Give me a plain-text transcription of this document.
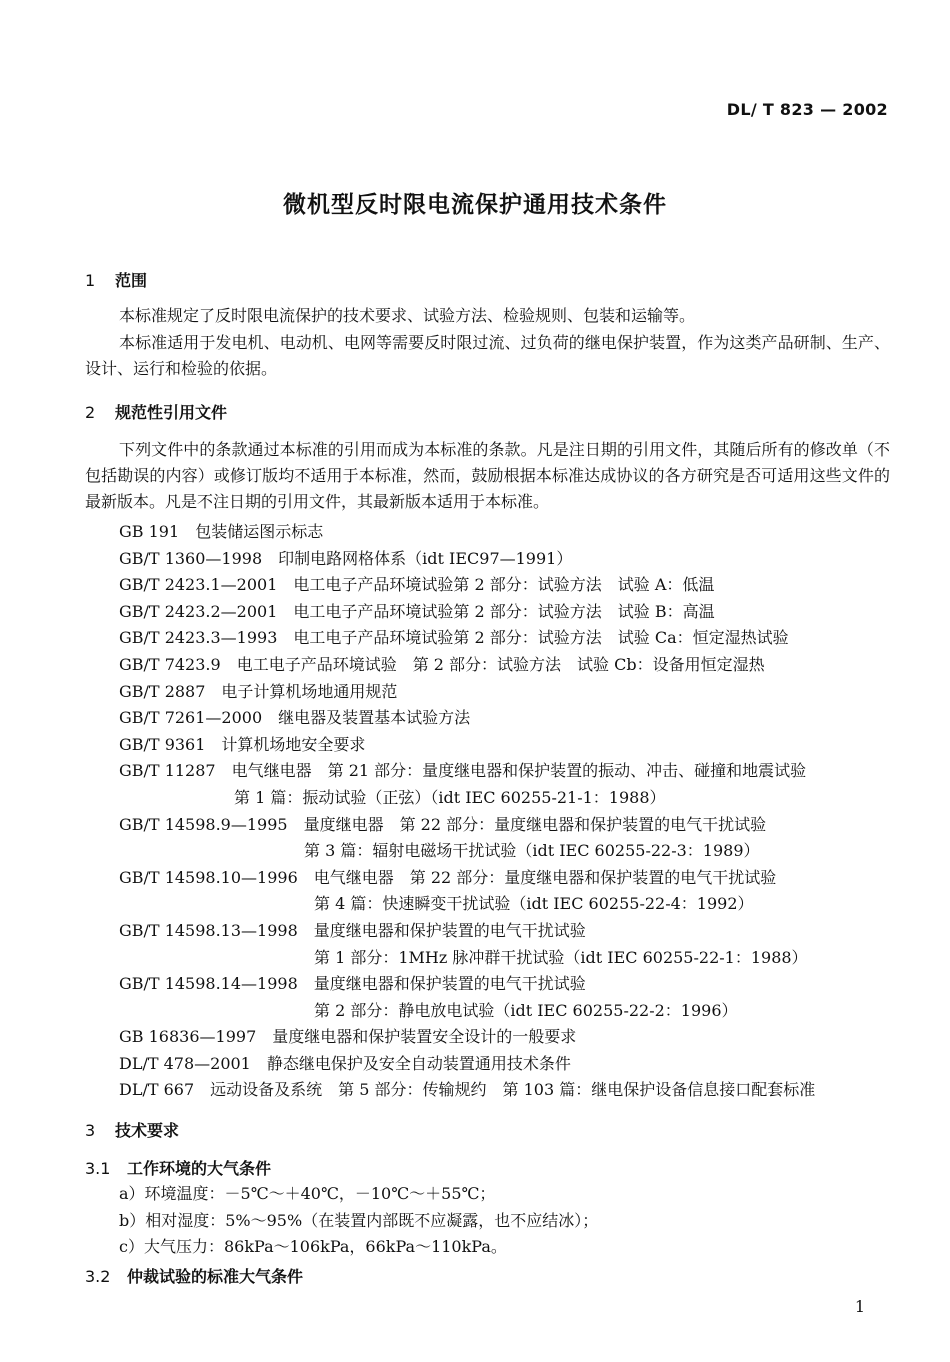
DL/ T 823 — 2002
微机型反时限电流保护通用技术条件
1 范围

本标准规定了反时限电流保护的技术要求、试验方法、检验规则、包装和运输等。

本标准适用于发电机、电动机、电网等需要反时限过流、过负荷的继电保护装置，作为这类产品研制、生产、设计、运行和检验的依据。

2 规范性引用文件

下列文件中的条款通过本标准的引用而成为本标准的条款。凡是注日期的引用文件，其随后所有的修改单（不包括勘误的内容）或修订版均不适用于本标准，然而，鼓励根据本标准达成协议的各方研究是否可适用这些文件的最新版本。凡是不注日期的引用文件，其最新版本适用于本标准。

GB 191　 包装储运图示标志
GB/T 1360—1998　 印制电路网格体系（idt IEC97—1991）
GB/T 2423.1—2001　 电工电子产品环境试验第 2 部分：试验方法　试验 A：低温
GB/T 2423.2—2001　 电工电子产品环境试验第 2 部分：试验方法　试验 B：高温
GB/T 2423.3—1993　 电工电子产品环境试验第 2 部分：试验方法　试验 Ca：恒定湿热试验
GB/T 7423.9　 电工电子产品环境试验　第 2 部分：试验方法　试验 Cb：设备用恒定湿热
GB/T 2887　 电子计算机场地通用规范
GB/T 7261—2000　 继电器及装置基本试验方法
GB/T 9361　 计算机场地安全要求
GB/T 11287　 电气继电器　第 21 部分：量度继电器和保护装置的振动、冲击、碰撞和地震试验
第 1 篇：振动试验（正弦）（idt IEC 60255-21-1：1988）
GB/T 14598.9—1995　 量度继电器　第 22 部分：量度继电器和保护装置的电气干扰试验
第 3 篇：辐射电磁场干扰试验（idt IEC 60255-22-3：1989）
GB/T 14598.10—1996　 电气继电器　第 22 部分：量度继电器和保护装置的电气干扰试验
第 4 篇：快速瞬变干扰试验（idt IEC 60255-22-4：1992）
GB/T 14598.13—1998　 量度继电器和保护装置的电气干扰试验
第 1 部分：1MHz 脉冲群干扰试验（idt IEC 60255-22-1：1988）
GB/T 14598.14—1998　 量度继电器和保护装置的电气干扰试验
第 2 部分：静电放电试验（idt IEC 60255-22-2：1996）
GB 16836—1997　 量度继电器和保护装置安全设计的一般要求
DL/T 478—2001　 静态继电保护及安全自动装置通用技术条件
DL/T 667　 远动设备及系统　第 5 部分：传输规约　第 103 篇：继电保护设备信息接口配套标准
3 技术要求
3.1 工作环境的大气条件
a）环境温度：－5℃～＋40℃，－10℃～＋55℃；
b）相对湿度：5%～95%（在装置内部既不应凝露，也不应结冰）；
c）大气压力：86kPa～106kPa，66kPa～110kPa。
3.2 仲裁试验的标准大气条件
1
